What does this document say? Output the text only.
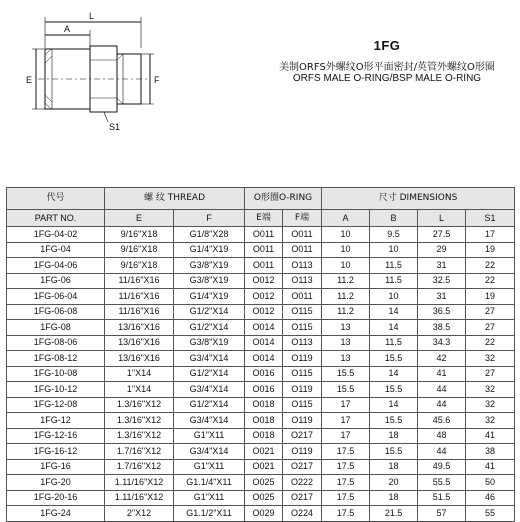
L
A
E	F
S1
1FG
美制ORFS外螺纹O形平面密封/英管外螺纹O形圈
ORFS MALE O-RING/BSP MALE O-RING
代号	螺 纹 THREAD		O形圈O-RING		尺寸 DIMENSIONS			
PART NO.	E	F	E端	F端	A	B	L	S1
1FG-04-02	9/16"X18	G1/8"X28	O011	O011	10	9.5	27.5	17
1FG-04	9/16"X18	G1/4"X19	O011	O011	10	10	29	19
1FG-04-06	9/16"X18	G3/8"X19	O011	O113	10	11.5	31	22
1FG-06	11/16"X16	G3/8"X19	O012	O113	11.2	11.5	32.5	22
1FG-06-04	11/16"X16	G1/4"X19	O012	O011	11.2	10	31	19
1FG-06-08	11/16"X16	G1/2"X14	O012	O115	11.2	14	36.5	27
1FG-08	13/16"X16	G1/2"X14	O014	O115	13	14	38.5	27
1FG-08-06	13/16"X16	G3/8"X19	O014	O113	13	11.5	34.3	22
1FG-08-12	13/16"X16	G3/4"X14	O014	O119	13	15.5	42	32
1FG-10-08	1"X14	G1/2"X14	O016	O115	15.5	14	41	27
1FG-10-12	1"X14	G3/4"X14	O016	O119	15.5	15.5	44	32
1FG-12-08	1.3/16"X12	G1/2"X14	O018	O115	17	14	44	32
1FG-12	1.3/16"X12	G3/4"X14	O018	O119	17	15.5	45.6	32
1FG-12-16	1.3/16"X12	G1"X11	O018	O217	17	18	48	41
1FG-16-12	1.7/16"X12	G3/4"X14	O021	O119	17.5	15.5	44	38
1FG-16	1.7/16"X12	G1"X11	O021	O217	17.5	18	49.5	41
1FG-20	1.11/16"X12	G1.1/4"X11	O025	O222	17.5	20	55.5	50
1FG-20-16	1.11/16"X12	G1"X11	O025	O217	17.5	18	51.5	46
1FG-24	2"X12	G1.1/2"X11	O029	O224	17.5	21.5	57	55
